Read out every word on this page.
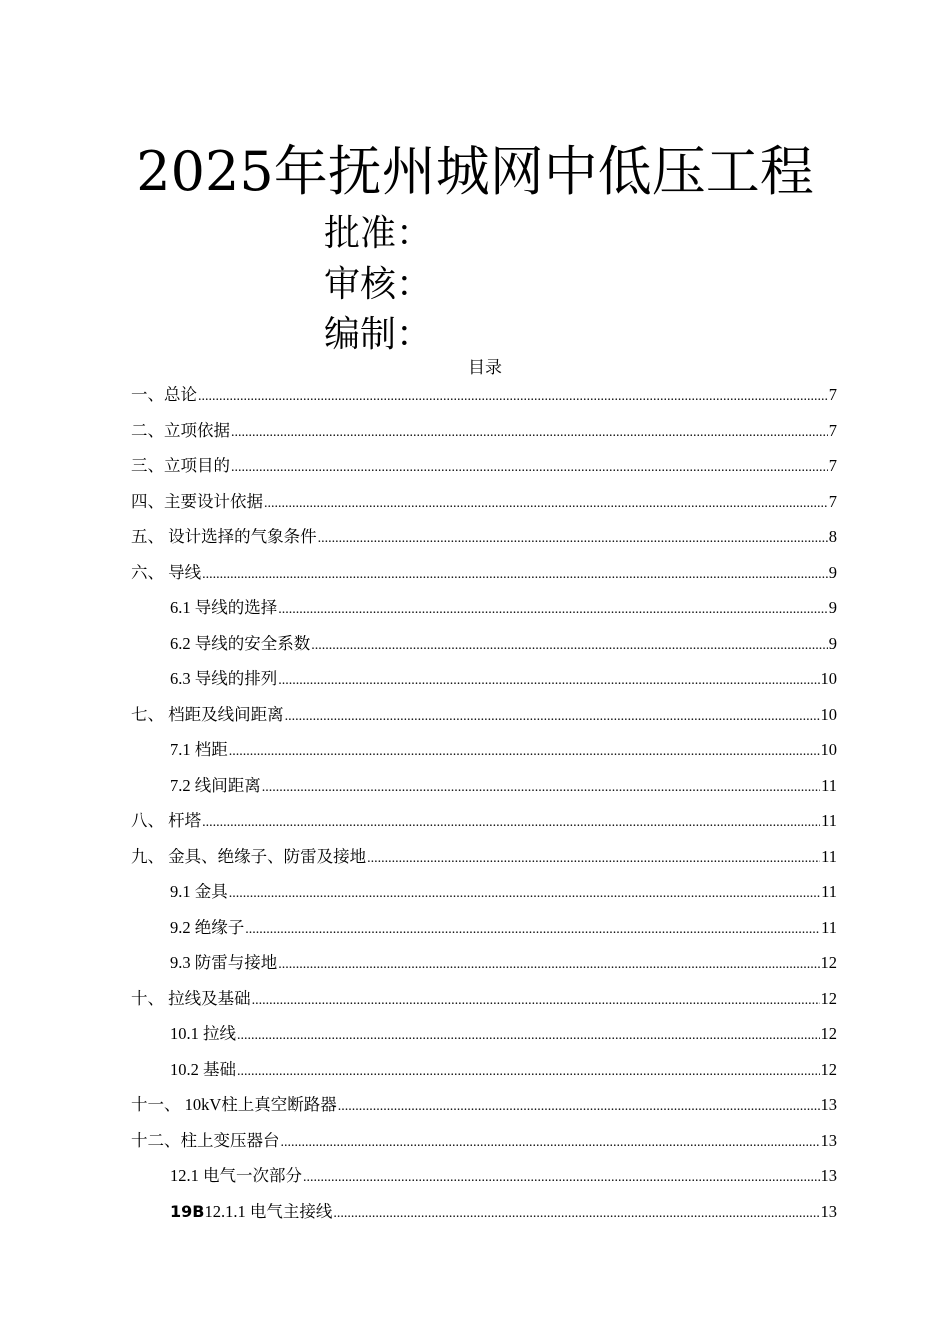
2025年抚州城网中低压工程
批准：
审核：
编制：
目录
一、总论 .....	7
二、立项依据 .....	7
三、立项目的 .....	7
四、主要设计依据 .....	7
五、 设计选择的气象条件 .....	8
六、 导线 .....	9
6.1 导线的选择 .....	9
6.2 导线的安全系数 .....	9
6.3 导线的排列 .....	10
七、 档距及线间距离 .....	10
7.1 档距 .....	10
7.2 线间距离 .....	11
八、 杆塔 .....	11
九、 金具、绝缘子、防雷及接地 .....	11
9.1 金具 .....	11
9.2 绝缘子 .....	11
9.3 防雷与接地 .....	12
十、 拉线及基础 .....	12
10.1 拉线 .....	12
10.2 基础 .....	12
十一、 10kV柱上真空断路器 .....	13
十二、柱上变压器台 .....	13
12.1 电气一次部分 .....	13
19B12.1.1 电气主接线 .....	13
